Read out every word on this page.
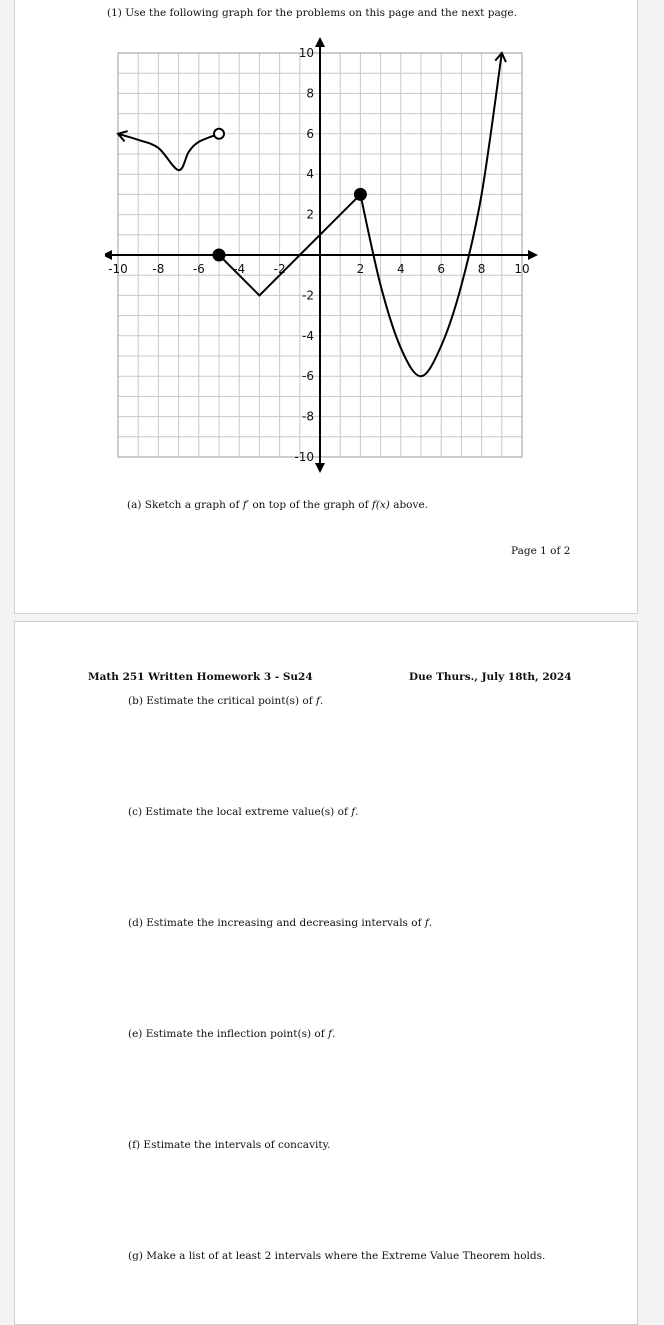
(1) Use the following graph for the problems on this page and the next page.
-10 -8 -6 -4 -2	2	4	6	8 10
10
8
6
4
2
-2
-4
-6
-8
-10
(a) Sketch a graph of f′ on top of the graph of f(x) above.
Page 1 of 2
Math 251 Written Homework 3 - Su24	Due Thurs., July 18th, 2024
(b) Estimate the critical point(s) of f.
(c) Estimate the local extreme value(s) of f.
(d) Estimate the increasing and decreasing intervals of f.
(e) Estimate the inflection point(s) of f.
(f) Estimate the intervals of concavity.
(g) Make a list of at least 2 intervals where the Extreme Value Theorem holds.
